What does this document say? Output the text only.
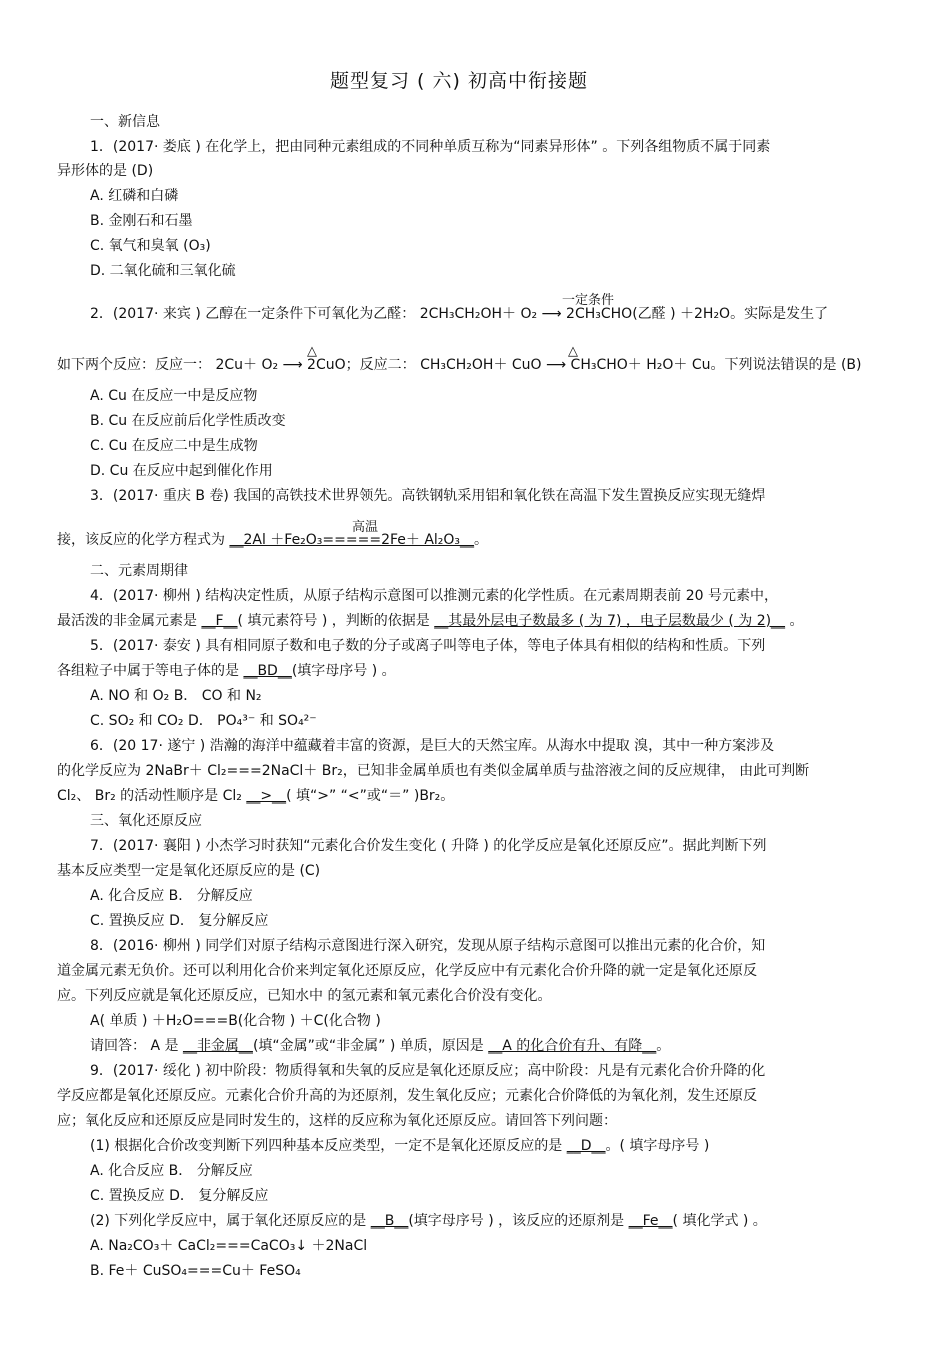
题型复习 ( 六) 初高中衔接题
一、新信息
1．(2017· 娄底 ) 在化学上，把由同种元素组成的不同种单质互称为“同素异形体” 。下列各组物质不属于同素
异形体的是 (D)
A. 红磷和白磷
B. 金刚石和石墨
C. 氧气和臭氧 (O₃)
D. 二氧化硫和三氧化硫
一定条件
2．(2017· 来宾 ) 乙醇在一定条件下可氧化为乙醛： 2CH₃CH₂OH＋ O₂ ⟶ 2CH₃CHO(乙醛 ) ＋2H₂O。实际是发生了
△	△
如下两个反应：反应一： 2Cu＋ O₂ ⟶ 2CuO；反应二： CH₃CH₂OH＋ CuO ⟶ CH₃CHO＋ H₂O＋ Cu。下列说法错误的是 (B)
A. Cu 在反应一中是反应物
B. Cu 在反应前后化学性质改变
C. Cu 在反应二中是生成物
D. Cu 在反应中起到催化作用
3．(2017· 重庆 B 卷) 我国的高铁技术世界领先。高铁钢轨采用铝和氧化铁在高温下发生置换反应实现无缝焊
高温
接，该反应的化学方程式为 __2Al ＋Fe₂O₃=====2Fe＋ Al₂O₃__。
二、元素周期律
4．(2017· 柳州 ) 结构决定性质，从原子结构示意图可以推测元素的化学性质。在元素周期表前 20 号元素中，
最活泼的非金属元素是 __F__( 填元素符号 ) ，判断的依据是 __其最外层电子数最多 ( 为 7) ，电子层数最少 ( 为 2)__ 。
5．(2017· 泰安 ) 具有相同原子数和电子数的分子或离子叫等电子体，等电子体具有相似的结构和性质。下列
各组粒子中属于等电子体的是 __BD__(填字母序号 ) 。
A. NO 和 O₂ B． CO 和 N₂
C. SO₂ 和 CO₂ D． PO₄³⁻ 和 SO₄²⁻
6．(20 17· 遂宁 ) 浩瀚的海洋中蕴藏着丰富的资源，是巨大的天然宝库。从海水中提取 溴，其中一种方案涉及
的化学反应为 2NaBr＋ Cl₂===2NaCl＋ Br₂，已知非金属单质也有类似金属单质与盐溶液之间的反应规律， 由此可判断
Cl₂、 Br₂ 的活动性顺序是 Cl₂ __>__( 填“>” “<”或“＝” )Br₂。
三、氧化还原反应
7．(2017· 襄阳 ) 小杰学习时获知“元素化合价发生变化 ( 升降 ) 的化学反应是氧化还原反应”。据此判断下列
基本反应类型一定是氧化还原反应的是 (C)
A. 化合反应 B． 分解反应
C. 置换反应 D． 复分解反应
8．(2016· 柳州 ) 同学们对原子结构示意图进行深入研究，发现从原子结构示意图可以推出元素的化合价，知
道金属元素无负价。还可以利用化合价来判定氧化还原反应，化学反应中有元素化合价升降的就一定是氧化还原反
应。下列反应就是氧化还原反应，已知水中 的氢元素和氧元素化合价没有变化。
A( 单质 ) ＋H₂O===B(化合物 ) ＋C(化合物 )
请回答： A 是 __非金属__(填“金属”或“非金属” ) 单质，原因是 __A 的化合价有升、有降__。
9．(2017· 绥化 ) 初中阶段：物质得氧和失氧的反应是氧化还原反应；高中阶段：凡是有元素化合价升降的化
学反应都是氧化还原反应。元素化合价升高的为还原剂，发生氧化反应；元素化合价降低的为氧化剂，发生还原反
应；氧化反应和还原反应是同时发生的，这样的反应称为氧化还原反应。请回答下列问题：
(1) 根据化合价改变判断下列四种基本反应类型，一定不是氧化还原反应的是 __D__。( 填字母序号 )
A. 化合反应 B． 分解反应
C. 置换反应 D． 复分解反应
(2) 下列化学反应中，属于氧化还原反应的是 __B__(填字母序号 ) ，该反应的还原剂是 __Fe__( 填化学式 ) 。
A. Na₂CO₃＋ CaCl₂===CaCO₃↓ ＋2NaCl
B. Fe＋ CuSO₄===Cu＋ FeSO₄
